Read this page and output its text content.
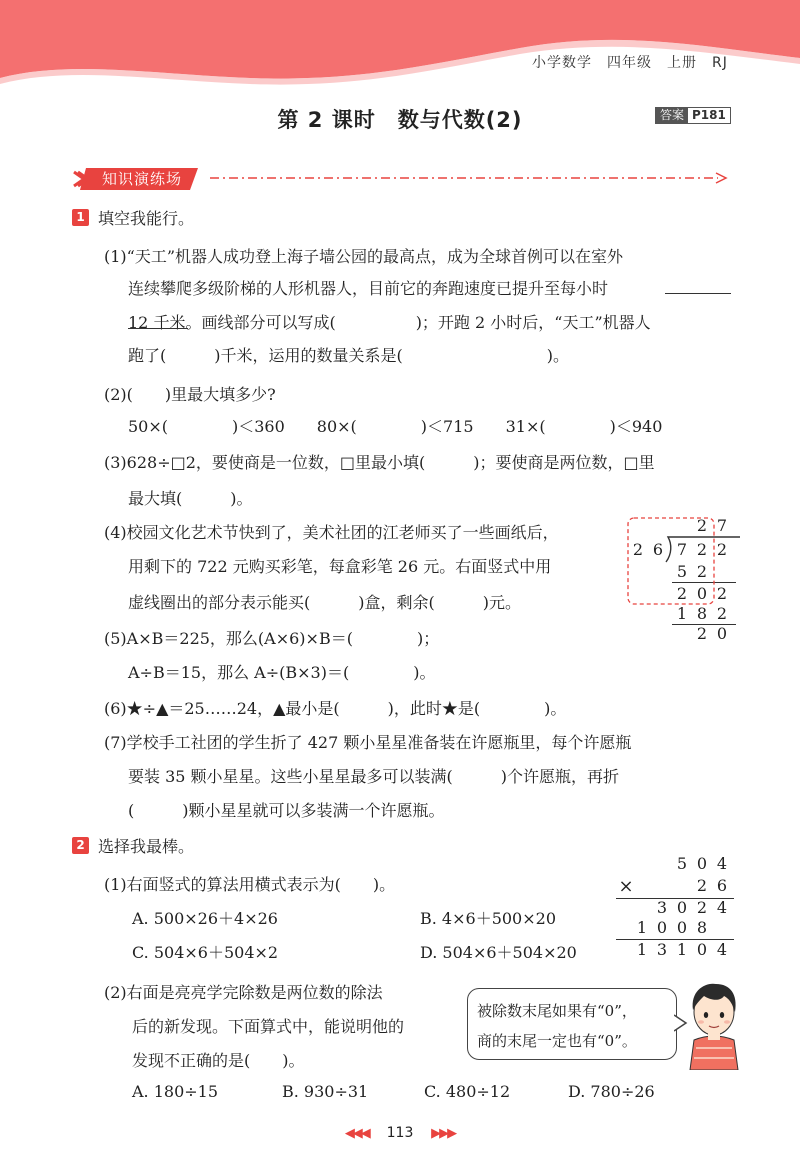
小学数学　四年级　上册　RJ
第 2 课时　数与代数(2)	答案 P181
知识演练场
1 填空我能行。
(1)“天工”机器人成功登上海子墙公园的最高点，成为全球首例可以在室外
连续攀爬多级阶梯的人形机器人，目前它的奔跑速度已提升至每小时
12 千米。画线部分可以写成(　　　　　)；开跑 2 小时后，“天工”机器人
跑了(　　　)千米，运用的数量关系是(　　　　　　　　　)。
(2)(　　)里最大填多少?
50×(　　　　)＜360　　80×(　　　　)＜715　　31×(　　　　)＜940
(3)628÷□2，要使商是一位数，□里最小填(　　　)；要使商是两位数，□里
最大填(　　　)。
(4)校园文化艺术节快到了，美术社团的江老师买了一些画纸后，
用剩下的 722 元购买彩笔，每盒彩笔 26 元。右面竖式中用
虚线圈出的部分表示能买(　　　)盒，剩余(　　　)元。
(5)A×B＝225，那么(A×6)×B＝(　　　　)；
A÷B＝15，那么 A÷(B×3)＝(　　　　)。
(6)★÷▲＝25……24，▲最小是(　　　)，此时★是(　　　　)。
(7)学校手工社团的学生折了 427 颗小星星准备装在许愿瓶里，每个许愿瓶
要装 35 颗小星星。这些小星星最多可以装满(　　　)个许愿瓶，再折
(　　　)颗小星星就可以多装满一个许愿瓶。
2 7
2 6 7 2 2
5 2
2 0 2
1 8 2
2 0
2 选择我最棒。
(1)右面竖式的算法用横式表示为(　　)。
A. 500×26＋4×26	B. 4×6＋500×20
C. 504×6＋504×2	D. 504×6＋504×20
5 0 4
×	2 6
3 0 2 4
1 0 0 8
1 3 1 0 4
(2)右面是亮亮学完除数是两位数的除法
后的新发现。下面算式中，能说明他的
发现不正确的是(　　)。
A. 180÷15	B. 930÷31	C. 480÷12	D. 780÷26
被除数末尾如果有“0”，
商的末尾一定也有“0”。
◀◀◀ 113 ▶▶▶
